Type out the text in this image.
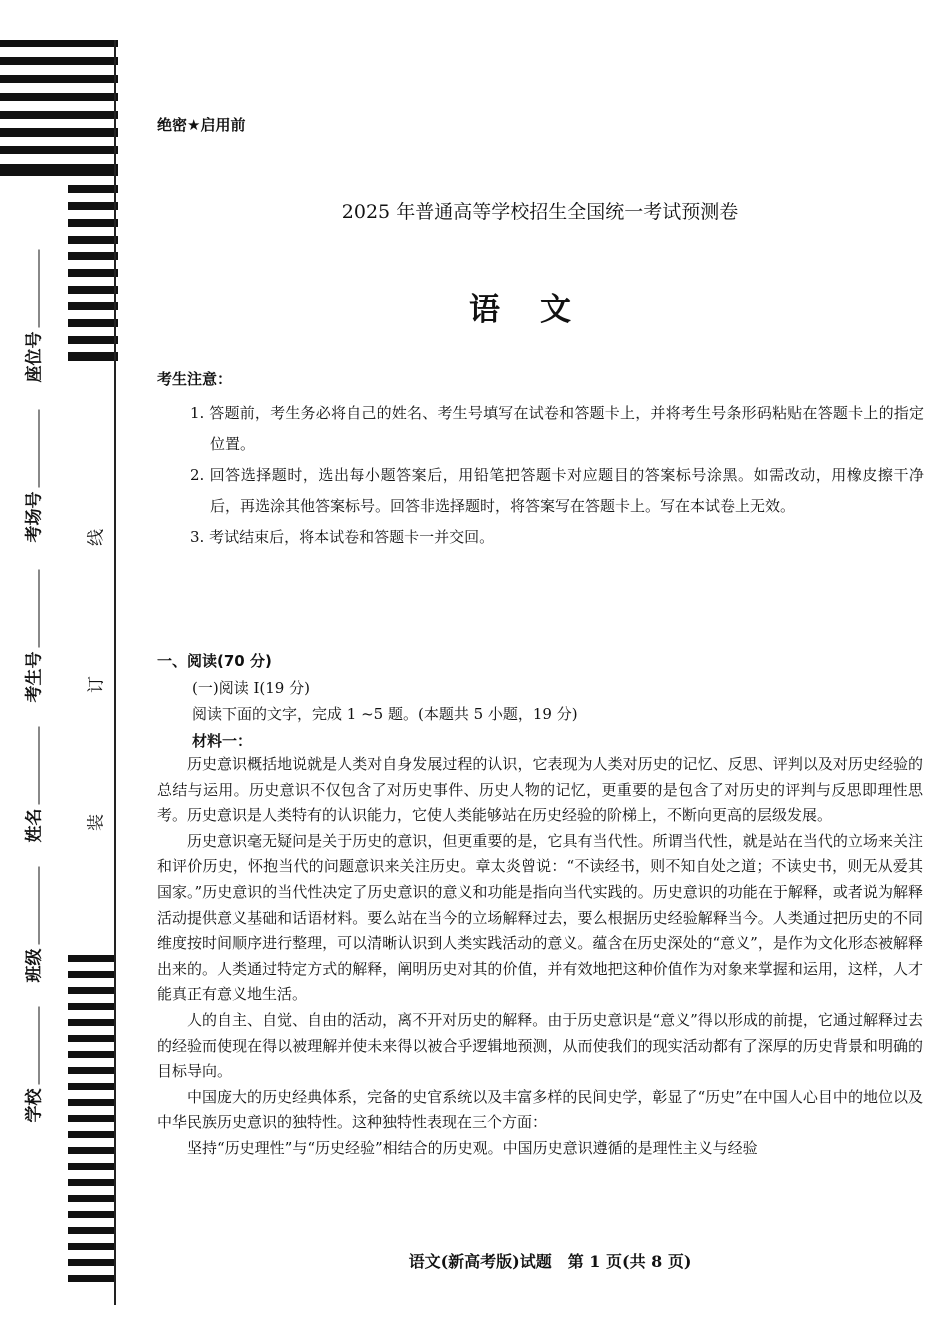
学校
班级
姓名
考生号
考场号
座位号
装
订
线
绝密★启用前
2025 年普通高等学校招生全国统一考试预测卷
语文
考生注意：
1. 答题前，考生务必将自己的姓名、考生号填写在试卷和答题卡上，并将考生号条形码粘贴在答题卡上的指定位置。
2. 回答选择题时，选出每小题答案后，用铅笔把答题卡对应题目的答案标号涂黑。如需改动，用橡皮擦干净后，再选涂其他答案标号。回答非选择题时，将答案写在答题卡上。写在本试卷上无效。
3. 考试结束后，将本试卷和答题卡一并交回。
一、阅读(70 分)
(一)阅读 I(19 分)
阅读下面的文字，完成 1 ~5 题。(本题共 5 小题，19 分)
材料一：

历史意识概括地说就是人类对自身发展过程的认识，它表现为人类对历史的记忆、反思、评判以及对历史经验的总结与运用。历史意识不仅包含了对历史事件、历史人物的记忆，更重要的是包含了对历史的评判与反思即理性思考。历史意识是人类特有的认识能力，它使人类能够站在历史经验的阶梯上，不断向更高的层级发展。

历史意识毫无疑问是关于历史的意识，但更重要的是，它具有当代性。所谓当代性，就是站在当代的立场来关注和评价历史，怀抱当代的问题意识来关注历史。章太炎曾说：“不读经书，则不知自处之道；不读史书，则无从爱其国家。”历史意识的当代性决定了历史意识的意义和功能是指向当代实践的。历史意识的功能在于解释，或者说为解释活动提供意义基础和话语材料。要么站在当今的立场解释过去，要么根据历史经验解释当今。人类通过把历史的不同维度按时间顺序进行整理，可以清晰认识到人类实践活动的意义。蕴含在历史深处的“意义”，是作为文化形态被解释出来的。人类通过特定方式的解释，阐明历史对其的价值，并有效地把这种价值作为对象来掌握和运用，这样，人才能真正有意义地生活。

人的自主、自觉、自由的活动，离不开对历史的解释。由于历史意识是“意义”得以形成的前提，它通过解释过去的经验而使现在得以被理解并使未来得以被合乎逻辑地预测，从而使我们的现实活动都有了深厚的历史背景和明确的目标导向。

中国庞大的历史经典体系，完备的史官系统以及丰富多样的民间史学，彰显了“历史”在中国人心目中的地位以及中华民族历史意识的独特性。这种独特性表现在三个方面：

坚持“历史理性”与“历史经验”相结合的历史观。中国历史意识遵循的是理性主义与经验

语文(新高考版)试题　第 1 页(共 8 页)
